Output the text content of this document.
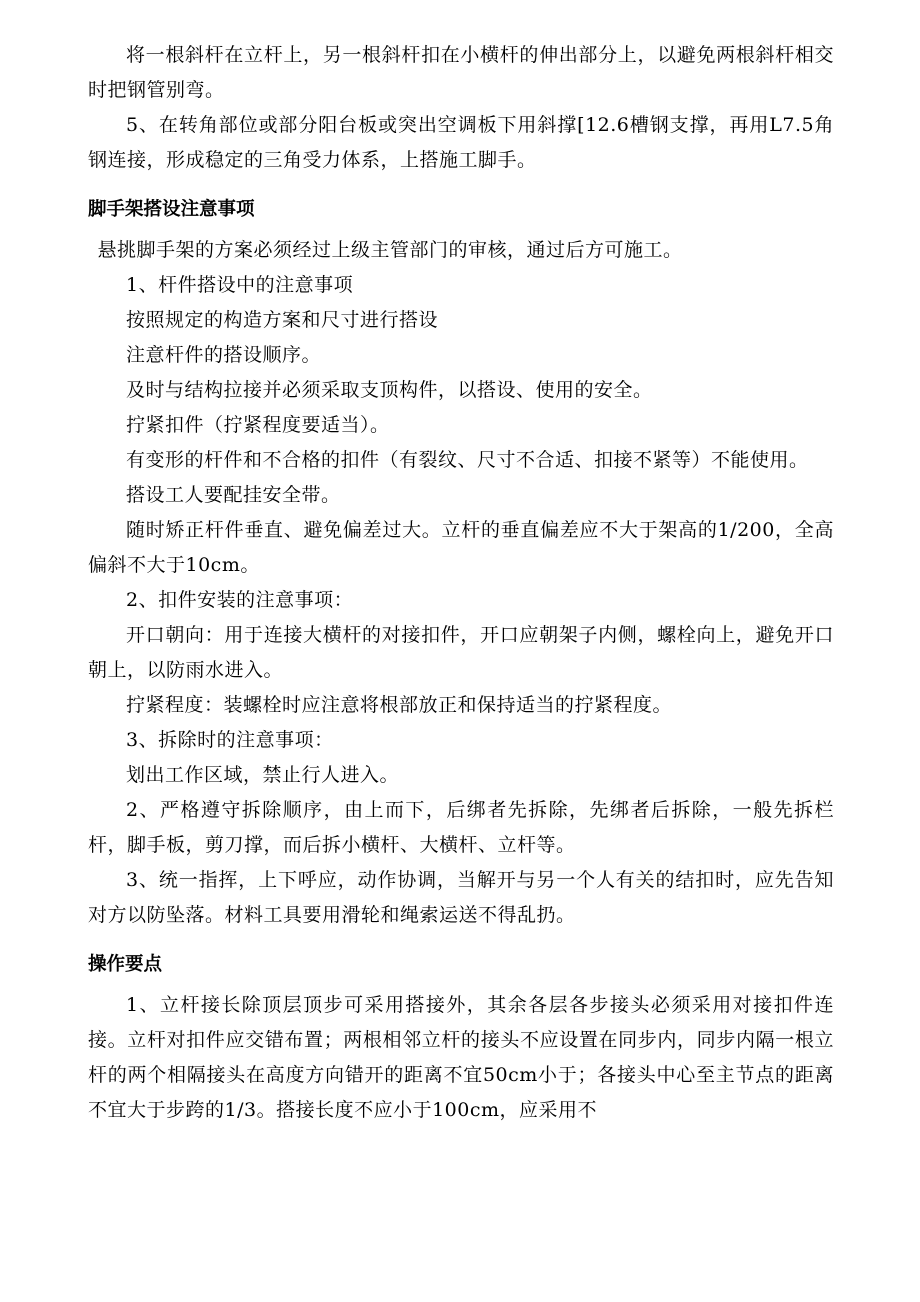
将一根斜杆在立杆上，另一根斜杆扣在小横杆的伸出部分上，以避免两根斜杆相交时把钢管别弯。

5、在转角部位或部分阳台板或突出空调板下用斜撑[12.6槽钢支撑，再用L7.5角钢连接，形成稳定的三角受力体系，上搭施工脚手。

脚手架搭设注意事项

悬挑脚手架的方案必须经过上级主管部门的审核，通过后方可施工。

1、杆件搭设中的注意事项

按照规定的构造方案和尺寸进行搭设

注意杆件的搭设顺序。

及时与结构拉接并必须采取支顶构件，以搭设、使用的安全。

拧紧扣件（拧紧程度要适当）。

有变形的杆件和不合格的扣件（有裂纹、尺寸不合适、扣接不紧等）不能使用。

搭设工人要配挂安全带。

随时矫正杆件垂直、避免偏差过大。立杆的垂直偏差应不大于架高的1/200，全高偏斜不大于10cm。

2、扣件安装的注意事项：

开口朝向：用于连接大横杆的对接扣件，开口应朝架子内侧，螺栓向上，避免开口朝上，以防雨水进入。

拧紧程度：装螺栓时应注意将根部放正和保持适当的拧紧程度。

3、拆除时的注意事项：

划出工作区域，禁止行人进入。

2、严格遵守拆除顺序，由上而下，后绑者先拆除，先绑者后拆除，一般先拆栏杆，脚手板，剪刀撑，而后拆小横杆、大横杆、立杆等。

3、统一指挥，上下呼应，动作协调，当解开与另一个人有关的结扣时，应先告知对方以防坠落。材料工具要用滑轮和绳索运送不得乱扔。

操作要点

1、立杆接长除顶层顶步可采用搭接外，其余各层各步接头必须采用对接扣件连接。立杆对扣件应交错布置；两根相邻立杆的接头不应设置在同步内，同步内隔一根立杆的两个相隔接头在高度方向错开的距离不宜50cm小于；各接头中心至主节点的距离不宜大于步跨的1/3。搭接长度不应小于100cm，应采用不
